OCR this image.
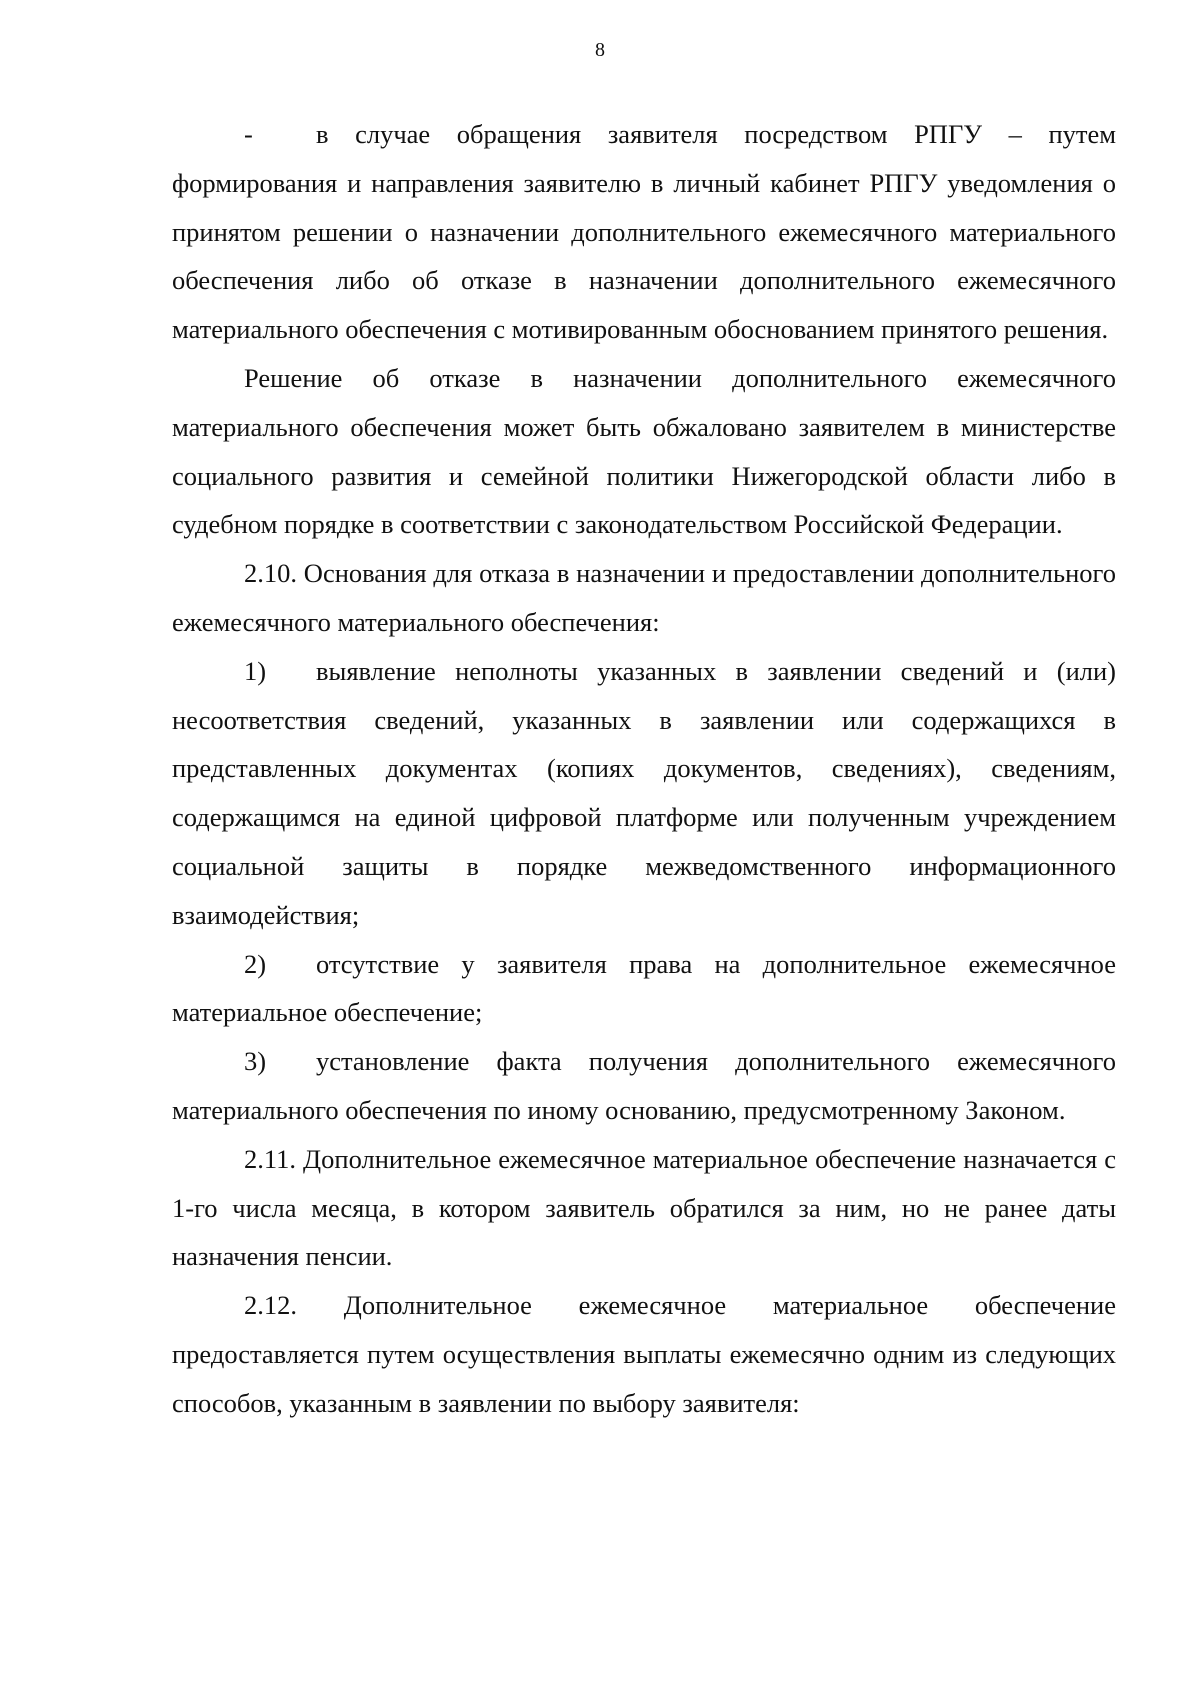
8

- в случае обращения заявителя посредством РПГУ – путем формирования и направления заявителю в личный кабинет РПГУ уведомления о принятом решении о назначении дополнительного ежемесячного материального обеспечения либо об отказе в назначении дополнительного ежемесячного материального обеспечения с мотивированным обоснованием принятого решения.

Решение об отказе в назначении дополнительного ежемесячного материального обеспечения может быть обжаловано заявителем в министерстве социального развития и семейной политики Нижегородской области либо в судебном порядке в соответствии с законодательством Российской Федерации.

2.10. Основания для отказа в назначении и предоставлении дополнительного ежемесячного материального обеспечения:

1) выявление неполноты указанных в заявлении сведений и (или) несоответствия сведений, указанных в заявлении или содержащихся в представленных документах (копиях документов, сведениях), сведениям, содержащимся на единой цифровой платформе или полученным учреждением социальной защиты в порядке межведомственного информационного взаимодействия;

2) отсутствие у заявителя права на дополнительное ежемесячное материальное обеспечение;

3) установление факта получения дополнительного ежемесячного материального обеспечения по иному основанию, предусмотренному Законом.

2.11. Дополнительное ежемесячное материальное обеспечение назначается с 1-го числа месяца, в котором заявитель обратился за ним, но не ранее даты назначения пенсии.

2.12. Дополнительное ежемесячное материальное обеспечение предоставляется путем осуществления выплаты ежемесячно одним из следующих способов, указанным в заявлении по выбору заявителя:
